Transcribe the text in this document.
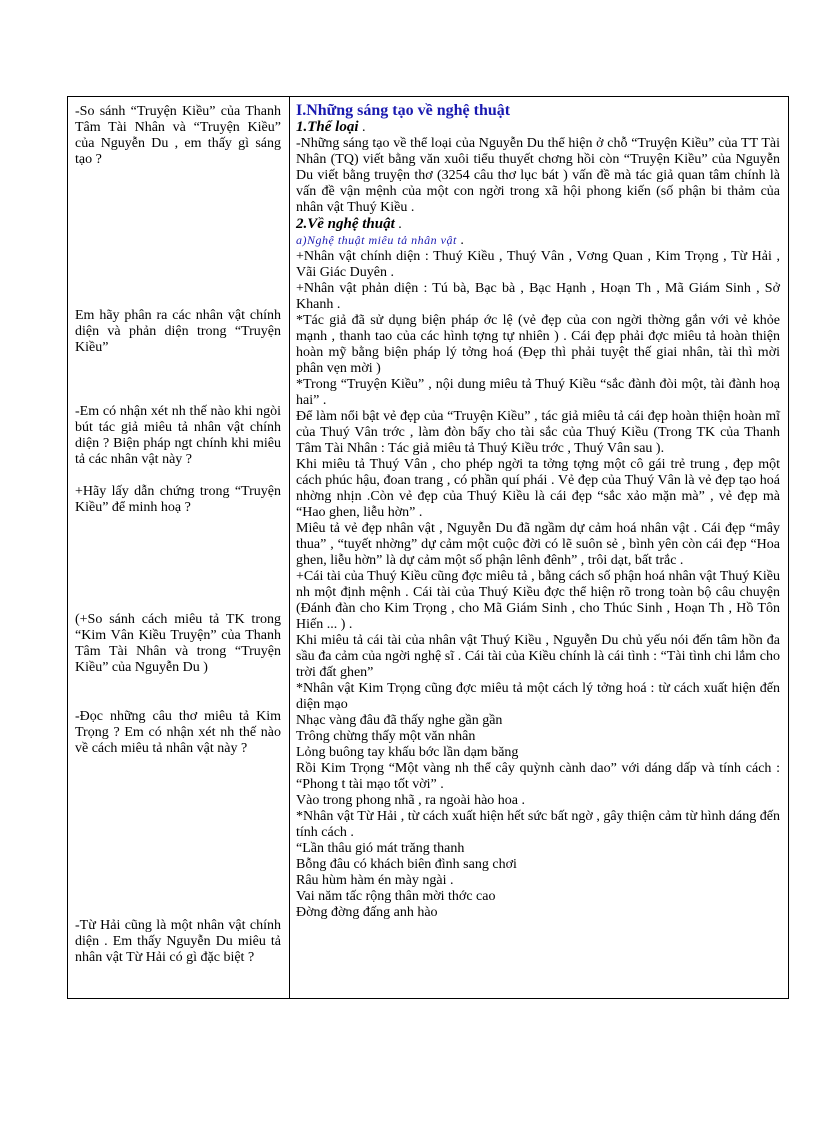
-So sánh “Truyện Kiều” của Thanh Tâm Tài Nhân và “Truyện Kiều” của Nguyễn Du , em thấy gì sáng tạo ?
Em hãy phân ra các nhân vật chính diện và phản diện trong “Truyện Kiều”
-Em có nhận xét nh thế nào khi ngòi bút tác giả miêu tả nhân vật chính diện ? Biện pháp ngt chính khi miêu tả các nhân vật này ?
+Hãy lấy dẫn chứng trong “Truyện Kiều” để minh hoạ ?
(+So sánh cách miêu tả TK trong “Kim Vân Kiều Truyện” của Thanh Tâm Tài Nhân và trong “Truyện Kiều” của Nguyễn Du )
-Đọc những câu thơ miêu tả Kim Trọng ? Em có nhận xét nh thế nào về cách miêu tả nhân vật này ?
-Từ Hải cũng là một nhân vật chính diện . Em thấy Nguyễn Du miêu tả nhân vật Từ Hải có gì đặc biệt ?

I.Những sáng tạo về nghệ thuật

1.Thể loại .

-Những sáng tạo về thể loại của Nguyễn Du thể hiện ở chỗ “Truyện Kiều” của TT Tài Nhân (TQ) viết bằng văn xuôi tiểu thuyết chơng hồi còn “Truyện Kiều” của Nguyễn Du viết bằng truyện thơ (3254 câu thơ lục bát ) vấn đề mà tác giả quan tâm chính là vấn đề vận mệnh của một con ngời trong xã hội phong kiến (số phận bi thảm của nhân vật Thuý Kiều .

2.Về nghệ thuật .

a)Nghệ thuật miêu tả nhân vật .

+Nhân vật chính diện : Thuý Kiều , Thuý Vân , Vơng Quan , Kim Trọng , Từ Hải , Vãi Giác Duyên .

+Nhân vật phản diện : Tú bà, Bạc bà , Bạc Hạnh , Hoạn Th , Mã Giám Sinh , Sở Khanh .

*Tác giả đã sử dụng biện pháp ớc lệ (vẻ đẹp của con ngời thờng gắn với vẻ khỏe mạnh , thanh tao của các hình tợng tự nhiên ) . Cái đẹp phải đợc miêu tả hoàn thiện hoàn mỹ bằng biện pháp lý tởng hoá (Đẹp thì phải tuyệt thế giai nhân, tài thì mời phân vẹn mời )

*Trong “Truyện Kiều” , nội dung miêu tả Thuý Kiều “sắc đành đòi một, tài đành hoạ hai” .

Để làm nổi bật vẻ đẹp của “Truyện Kiều” , tác giả miêu tả cái đẹp hoàn thiện hoàn mĩ của Thuý Vân trớc , làm đòn bẩy cho tài sắc của Thuý Kiều (Trong TK của Thanh Tâm Tài Nhân : Tác giả miêu tả Thuý Kiều trớc , Thuý Vân sau ).

Khi miêu tả Thuý Vân , cho phép ngời ta tởng tợng một cô gái trẻ trung , đẹp một cách phúc hậu, đoan trang , có phần quí phái . Vẻ đẹp của Thuý Vân là vẻ đẹp tạo hoá nhờng nhịn .Còn vẻ đẹp của Thuý Kiều là cái đẹp “sắc xảo mặn mà” , vẻ đẹp mà “Hao ghen, liễu hờn” .

Miêu tả vẻ đẹp nhân vật , Nguyễn Du đã ngầm dự cảm hoá nhân vật . Cái đẹp “mây thua” , “tuyết nhờng” dự cảm một cuộc đời có lẽ suôn sẻ , bình yên còn cái đẹp “Hoa ghen, liễu hờn” là dự cảm một số phận lênh đênh” , trôi dạt, bất trắc .

+Cái tài của Thuý Kiều cũng đợc miêu tả , bằng cách số phận hoá nhân vật Thuý Kiều nh một định mệnh . Cái tài của Thuý Kiều đợc thể hiện rõ trong toàn bộ câu chuyện (Đánh đàn cho Kim Trọng , cho Mã Giám Sinh , cho Thúc Sinh , Hoạn Th , Hồ Tôn Hiến ... ) .

Khi miêu tả cái tài của nhân vật Thuý Kiều , Nguyễn Du chủ yếu nói đến tâm hồn đa sầu đa cảm của ngời nghệ sĩ . Cái tài của Kiều chính là cái tình : “Tài tình chi lắm cho trời đất ghen”

*Nhân vật Kim Trọng cũng đợc miêu tả một cách lý tởng hoá : từ cách xuất hiện đến diện mạo

Nhạc vàng đâu đã thấy nghe gần gần

Trông chừng thấy một văn nhân

Lỏng buông tay khấu bớc lần dạm băng

Rồi Kim Trọng “Một vàng nh thể cây quỳnh cành dao” với dáng dấp và tính cách : “Phong t tài mạo tốt vời” .

Vào trong phong nhã , ra ngoài hào hoa .

*Nhân vật Từ Hải , từ cách xuất hiện hết sức bất ngờ , gây thiện cảm từ hình dáng đến tính cách .

“Lần thâu gió mát trăng thanh

Bỗng đâu có khách biên đình sang chơi

Râu hùm hàm én mày ngài .

Vai năm tấc rộng thân mời thớc cao

Đờng đờng đấng anh hào
